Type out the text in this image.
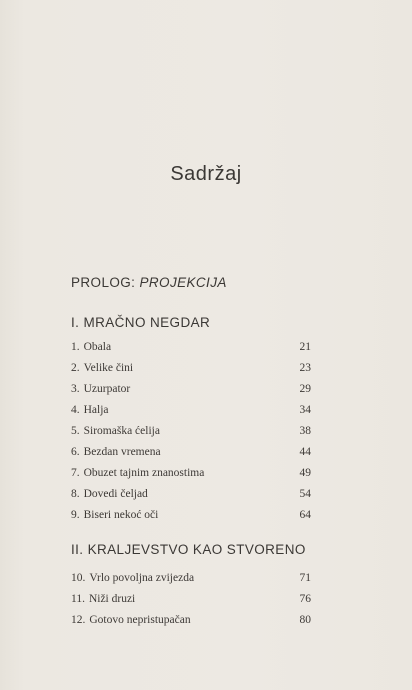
Sadržaj
PROLOG: PROJEKCIJA
I. MRAČNO NEGDAR
1. Obala	21
2. Velike čini	23
3. Uzurpator	29
4. Halja	34
5. Siromaška ćelija	38
6. Bezdan vremena	44
7. Obuzet tajnim znanostima	49
8. Dovedi čeljad	54
9. Biseri nekoć oči	64
II. KRALJEVSTVO KAO STVORENO
10. Vrlo povoljna zvijezda	71
11. Niži druzi	76
12. Gotovo nepristupačan	80
